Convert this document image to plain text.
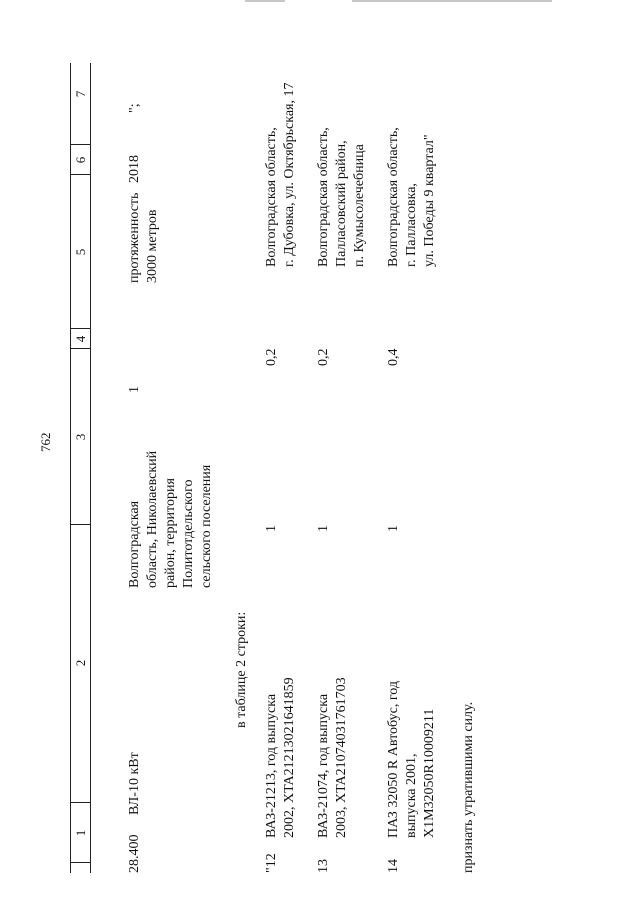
762
1
2
3
4
5
6
7
28.400
ВЛ-10 кВт
Волгоградская область, Николаевский район, территория Политотдельского сельского поселения
1
протяженность 3000 метров
2018
";
в таблице 2 строки:
"12
ВАЗ-21213, год выпуска 2002, XTA21213021641859
1
0,2
Волгоградская область, г. Дубовка, ул. Октябрьская, 17
13
ВАЗ-21074, год выпуска 2003, XTA21074031761703
1
0,2
Волгоградская область, Палласовский район, п. Кумысолечебница
14
ПАЗ 32050 R Автобус, год выпуска 2001, X1M32050R10009211
1
0,4
Волгоградская область, г. Палласовка, ул. Победы 9 квартал"
признать утратившими силу.
